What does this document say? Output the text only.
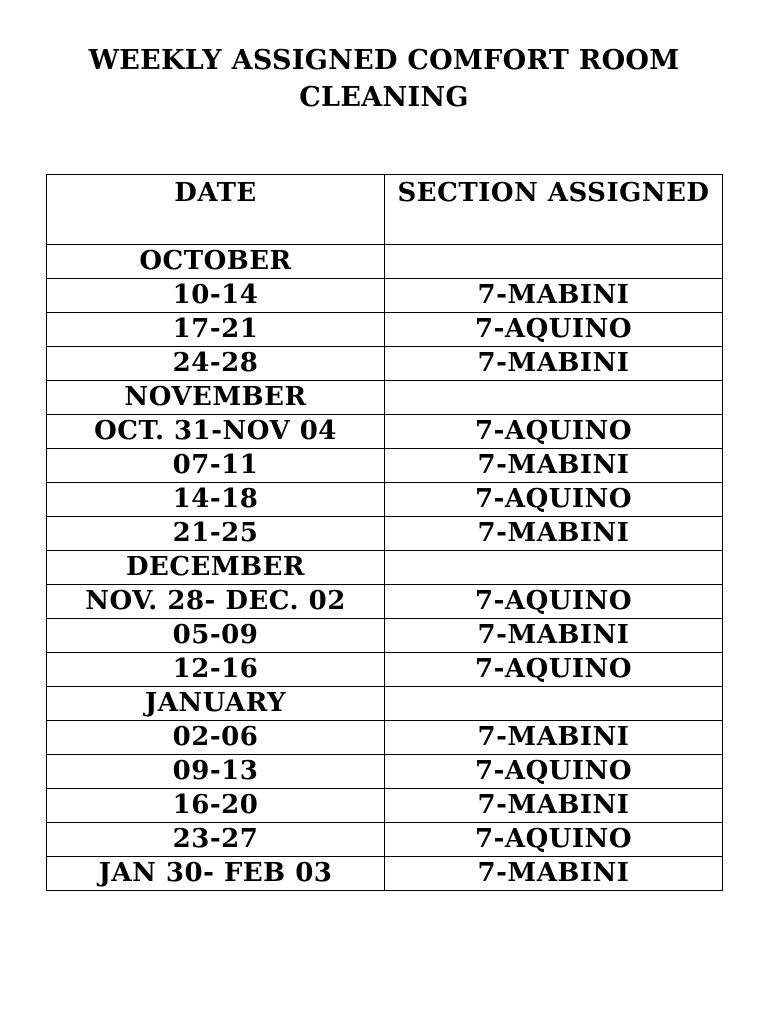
WEEKLY ASSIGNED COMFORT ROOM CLEANING
DATE	SECTION ASSIGNED
OCTOBER	
10-14	7-MABINI
17-21	7-AQUINO
24-28	7-MABINI
NOVEMBER	
OCT. 31-NOV 04	7-AQUINO
07-11	7-MABINI
14-18	7-AQUINO
21-25	7-MABINI
DECEMBER	
NOV. 28- DEC. 02	7-AQUINO
05-09	7-MABINI
12-16	7-AQUINO
JANUARY	
02-06	7-MABINI
09-13	7-AQUINO
16-20	7-MABINI
23-27	7-AQUINO
JAN 30- FEB 03	7-MABINI
